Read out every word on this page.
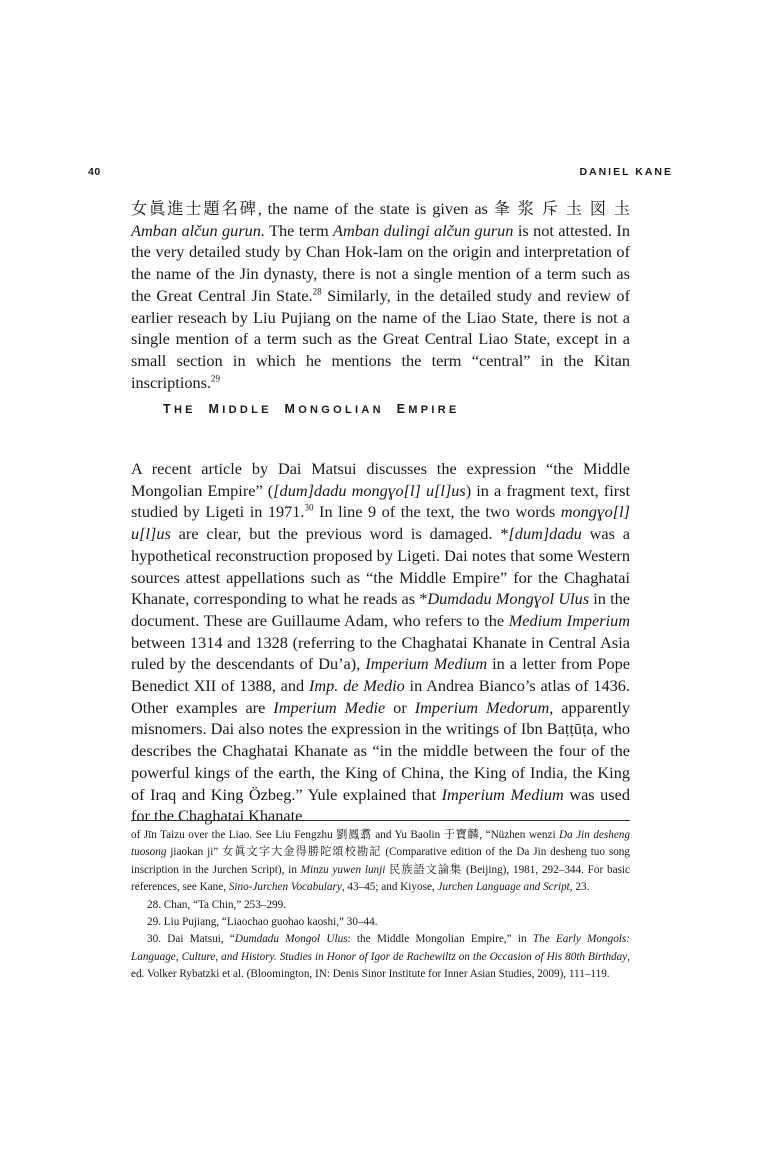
40	DANIEL KANE

女眞進士題名碑, the name of the state is given as 夆 浆 斥 圡 図 圡 Amban alčun gurun. The term Amban dulingi alčun gurun is not attested. In the very detailed study by Chan Hok-lam on the origin and interpretation of the name of the Jin dynasty, there is not a single mention of a term such as the Great Central Jin State.$^{28}$ Similarly, in the detailed study and review of earlier reseach by Liu Pujiang on the name of the Liao State, there is not a single mention of a term such as the Great Central Liao State, except in a small section in which he mentions the term “central” in the Kitan inscriptions.$^{29}$

THE MIDDLE MONGOLIAN EMPIRE

A recent article by Dai Matsui discusses the expression “the Middle Mongolian Empire” ([dum]dadu mongɣo[l] u[l]us) in a fragment text, first studied by Ligeti in 1971.30 In line 9 of the text, the two words mongɣo[l] u[l]us are clear, but the previous word is damaged. *[dum]dadu was a hypothetical reconstruction proposed by Ligeti. Dai notes that some Western sources attest appellations such as “the Middle Empire” for the Chaghatai Khanate, corresponding to what he reads as *Dumdadu Mongɣol Ulus in the document. These are Guillaume Adam, who refers to the Medium Imperium between 1314 and 1328 (referring to the Chaghatai Khanate in Central Asia ruled by the descendants of Du’a), Imperium Medium in a letter from Pope Benedict XII of 1388, and Imp. de Medio in Andrea Bianco’s atlas of 1436. Other examples are Imperium Medie or Imperium Medorum, apparently misnomers. Dai also notes the expression in the writings of Ibn Baṭṭūṭa, who describes the Chaghatai Khanate as “in the middle between the four of the powerful kings of the earth, the King of China, the King of India, the King of Iraq and King Özbeg.” Yule explained that Imperium Medium was used for the Chaghatai Khanate

of Jīn Taizu over the Liao. See Liu Fengzhu 劉鳳翥 and Yu Baolin 于寶麟, “Nüzhen wenzi Da Jin desheng tuosong jiaokan ji” 女眞文字大金得勝陀頌校勘記 (Comparative edition of the Da Jin desheng tuo song inscription in the Jurchen Script), in Minzu yuwen lunji 民族語文論集 (Beijing), 1981, 292–344. For basic references, see Kane, Sino-Jurchen Vocabulary, 43–45; and Kiyose, Jurchen Language and Script, 23.

28. Chan, “Ta Chin,” 253–299.

29. Liu Pujiang, “Liaochao guohao kaoshi,” 30–44.

30. Dai Matsui, “Dumdadu Mongol Ulus: the Middle Mongolian Empire,” in The Early Mongols: Language, Culture, and History. Studies in Honor of Igor de Rachewiltz on the Occasion of His 80th Birthday, ed. Volker Rybatzki et al. (Bloomington, IN: Denis Sinor Institute for Inner Asian Studies, 2009), 111–119.
